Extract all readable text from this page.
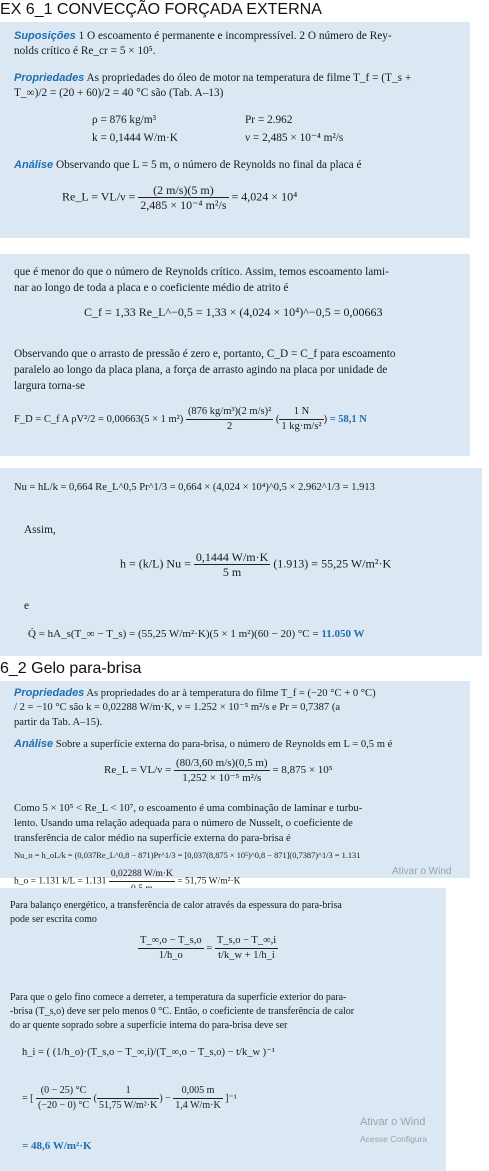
EX 6_1 CONVECÇÃO FORÇADA EXTERNA
Suposições 1 O escoamento é permanente e incompressível. 2 O número de Rey-
nolds crítico é Re_cr = 5 × 10⁵.
Propriedades As propriedades do óleo de motor na temperatura de filme T_f = (T_s +
T_∞)/2 = (20 + 60)/2 = 40 °C são (Tab. A–13)
ρ = 876 kg/m³	Pr = 2.962
k = 0,1444 W/m·K	ν = 2,485 × 10⁻⁴ m²/s
Análise Observando que L = 5 m, o número de Reynolds no final da placa é
Re_L = $VL/\nu = \frac{(2 m/s)(5 m)}{\text{2,485 × 10⁻⁴ m²/s}} = 4,024 \times 10^4$
que é menor do que o número de Reynolds crítico. Assim, temos escoamento lami-
nar ao longo de toda a placa e o coeficiente médio de atrito é
C_f = 1,33 Re_L^−0,5 = 1,33 × (4,024 × 10⁴)^−0,5 = 0,00663
Observando que o arrasto de pressão é zero e, portanto, C_D = C_f para escoamento
paralelo ao longo da placa plana, a força de arrasto agindo na placa por unidade de
largura torna-se
F_D = C_f A ρV²/2 = 0,00663(5 × 1 $m^2) \frac{\text{(876 kg/m³)(2 m/s)²}}{2}$ ( $\frac{1 N}{\text{1 kg·m/s²}}$ ) = 58,1 N
Nu = hL/k = 0,664 Re_L^0,5 Pr^1/3 = 0,664 × (4,024 × 10⁴)^0,5 × 2.962^1/3 = 1.913
Assim,
h = (k/L) $Nu = \frac{0,1444 W/m\cdot K}{5 m} (1.913) = 55,25$ W/m²·K
e
Q̇ = hA_s(T_∞ − T_s) = (55,25 W/m²·K)(5 × 1 m²)(60 − 20) °C = 11.050 W
6_2 Gelo para-brisa
Propriedades As propriedades do ar à temperatura do filme T_f = (−20 °C + 0 °C)
/ 2 = −10 °C são k = 0,02288 W/m·K, ν = 1.252 × 10⁻⁵ m²/s e Pr = 0,7387 (a
partir da Tab. A–15).
Análise Sobre a superfície externa do para-brisa, o número de Reynolds em L = 0,5 m é
Re_L = $VL/\nu = \frac{(80/3,60 m/s)(0,5 m)}{\text{1,252 × 10⁻⁵ m²/s}} = 8,875 \times 10^5$
Como 5 × 10⁵ < Re_L < 10⁷, o escoamento é uma combinação de laminar e turbu-
lento. Usando uma relação adequada para o número de Nusselt, o coeficiente de
transferência de calor médio na superfície externa do para-brisa é
Nu_o = h_oL/k = (0,037Re_L^0,8 − 871)Pr^1/3 = [0,037(8,875 × 10⁵)^0,8 − 871](0,7387)^1/3 = 1.131
h_o = 1.131 k/L = 1.131
0,02288 W/m·K
= 51,75 W/m²·K
Ativar o Wind
Para balanço energético, a transferência de calor através da espessura do para-brisa
pode ser escrita como
$\frac{T\_\infty,o - T\_s,o}{1/h\_o} = \frac{T\_s,o - T\_\infty,i}{t/k\_w + 1/h\_i}$
Para que o gelo fino comece a derreter, a temperatura da superfície exterior do para-
-brisa (T_s,o) deve ser pelo menos 0 °C. Então, o coeficiente de transferência de calor
do ar quente soprado sobre a superfície interna do para-brisa deve ser
h_i = ( (1/h_o)·(T_s,o − T_∞,i)/(T_∞,o − T_s,o) − t/k_w )⁻¹
= [ $\frac{(0 - 25) ^\circ C}{(-20 - 0) ^\circ C}$ ( $\frac{1}{\text{51,75 W/m²·K}}$ ) − $\frac{0,005 m}{1,4 W/m\cdot K} ]^{-1}$
= 48,6 W/m²·K
Ativar o Wind
Acesse Configura
